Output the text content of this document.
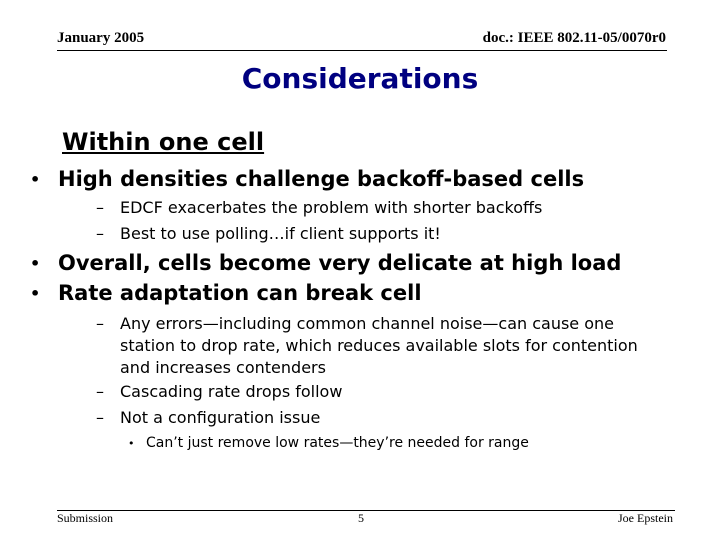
January 2005	doc.: IEEE 802.11-05/0070r0
Considerations
Within one cell
• High densities challenge backoff-based cells
– EDCF exacerbates the problem with shorter backoffs
– Best to use polling…if client supports it!
• Overall, cells become very delicate at high load
• Rate adaptation can break cell
– Any errors—including common channel noise—can cause one station to drop rate, which reduces available slots for contention and increases contenders
– Cascading rate drops follow
– Not a configuration issue
• Can’t just remove low rates—they’re needed for range
Submission	5	Joe Epstein
